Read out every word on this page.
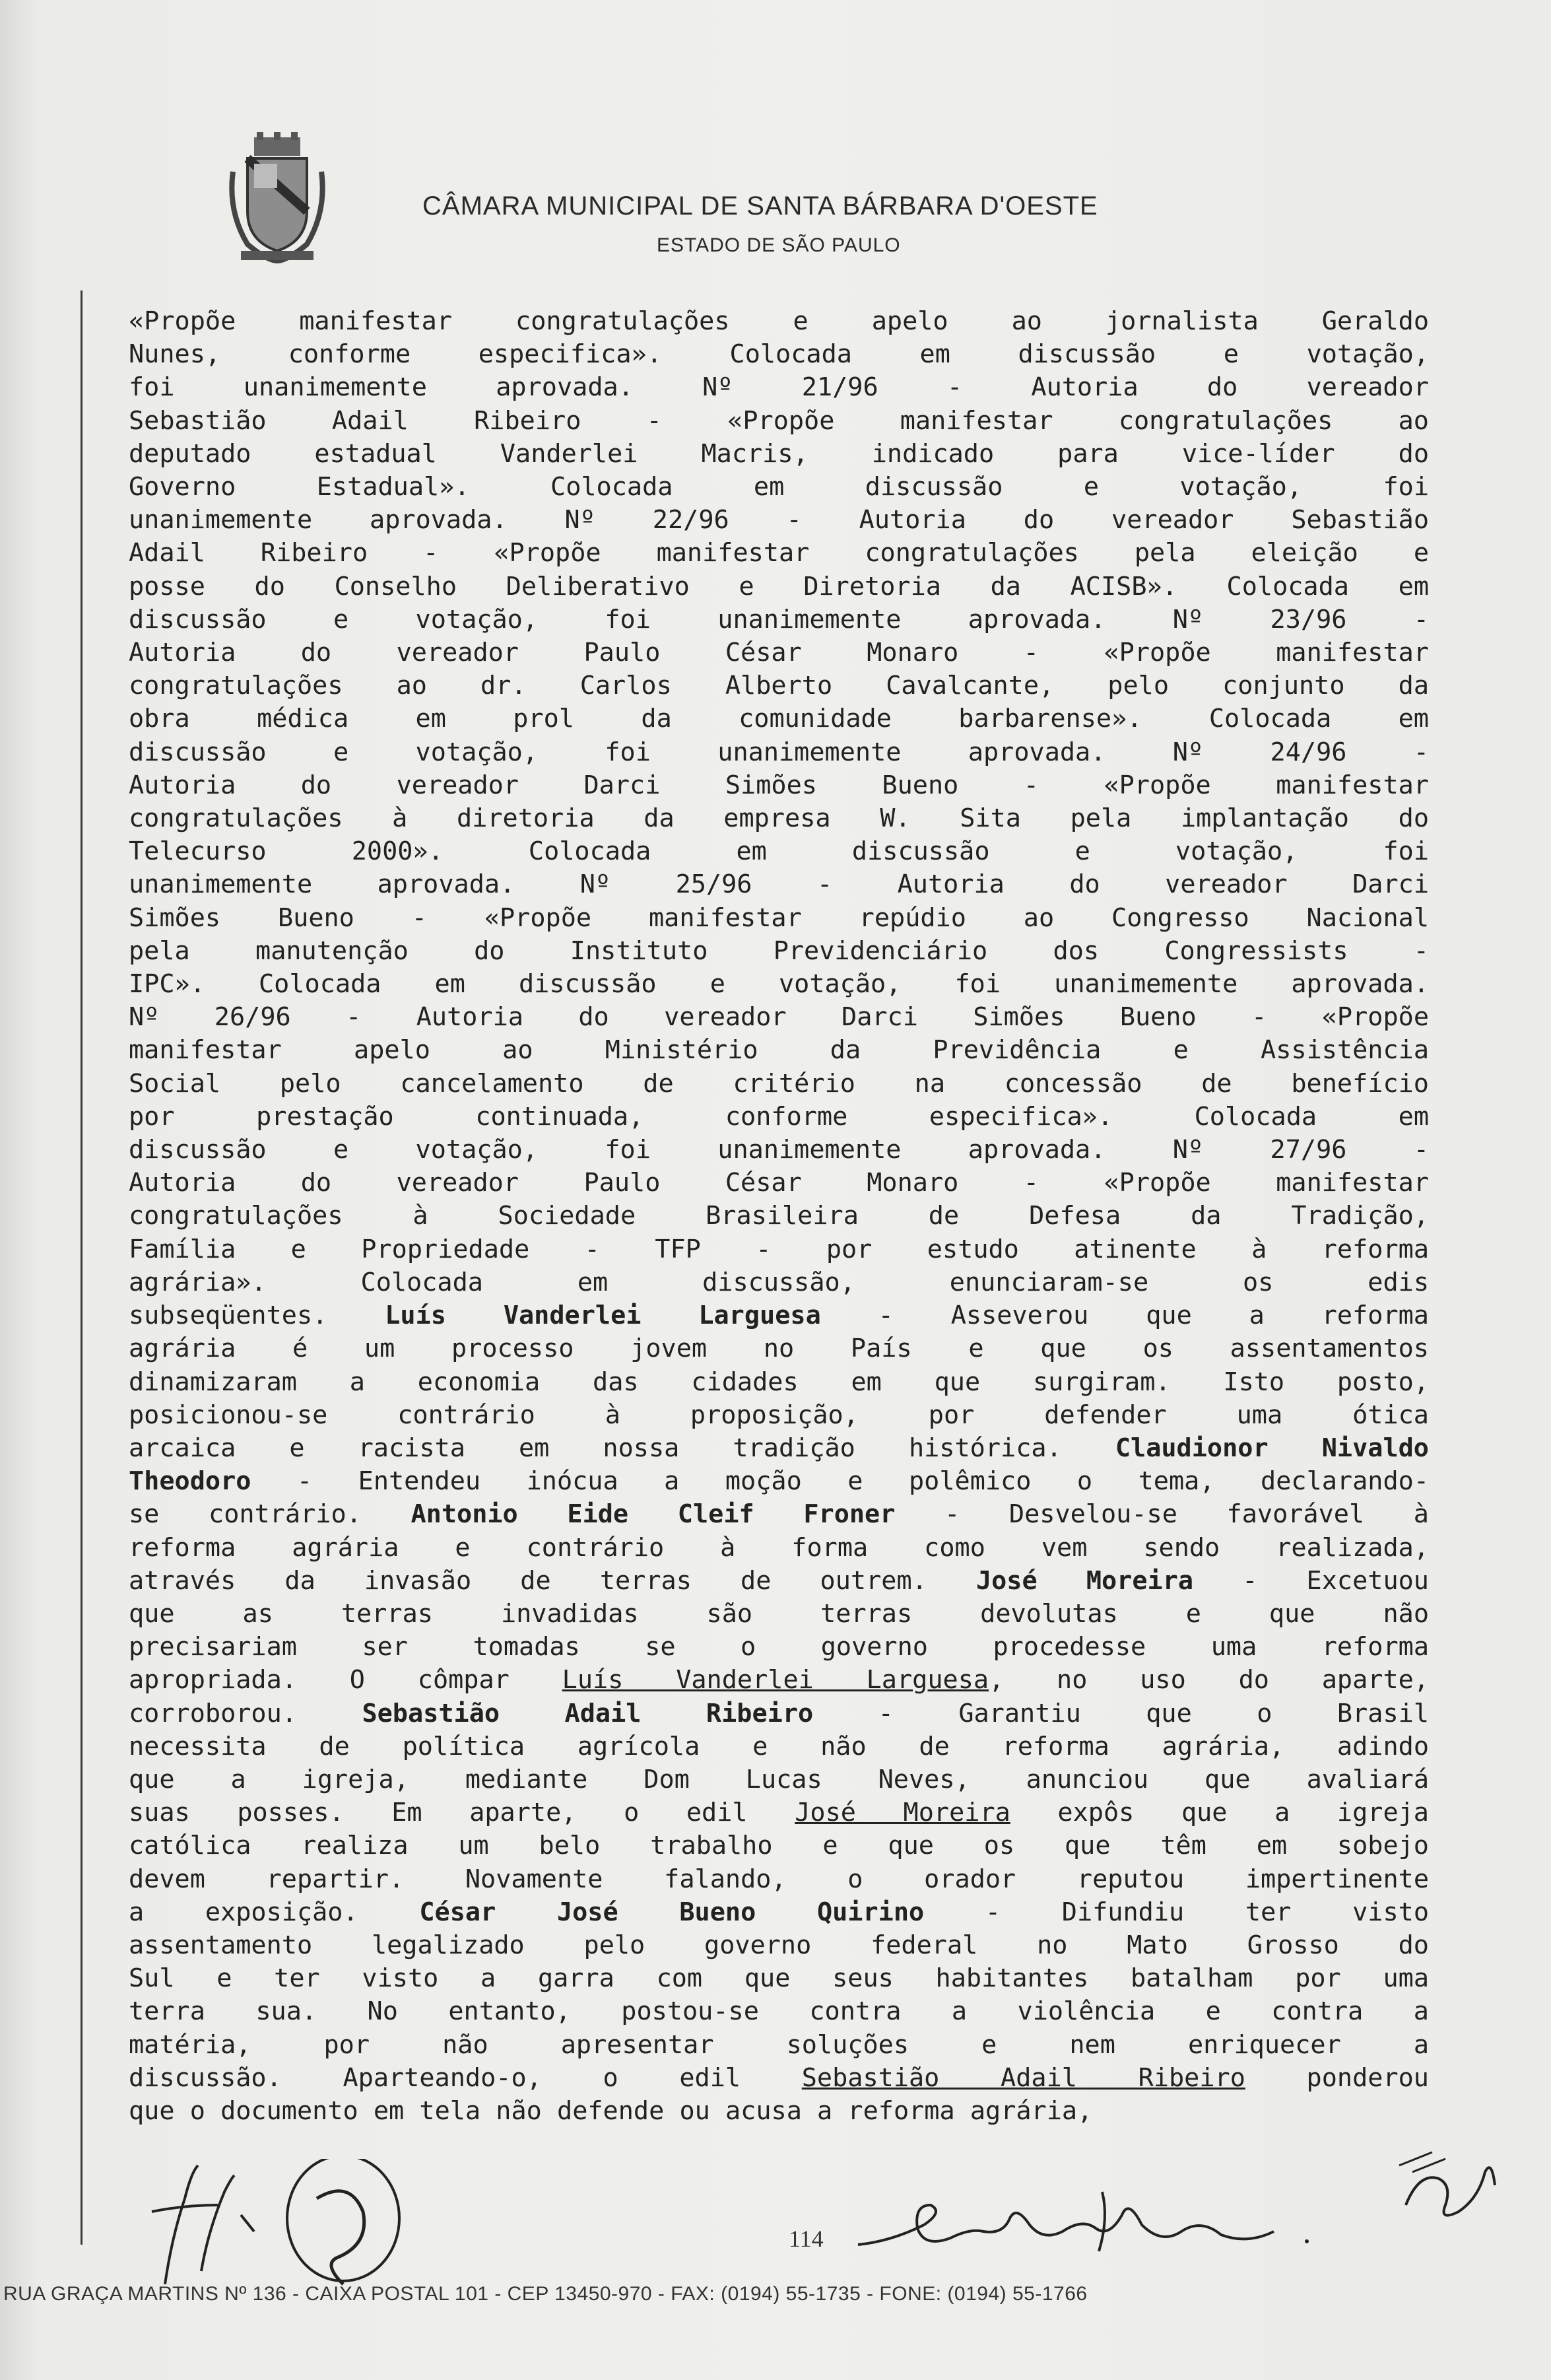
CÂMARA MUNICIPAL DE SANTA BÁRBARA D'OESTE
ESTADO DE SÃO PAULO
«Propõe manifestar congratulações e apelo ao jornalista Geraldo
Nunes, conforme especifica». Colocada em discussão e votação,
foi unanimemente aprovada. Nº 21/96 - Autoria do vereador
Sebastião Adail Ribeiro - «Propõe manifestar congratulações ao
deputado estadual Vanderlei Macris, indicado para vice-líder do
Governo Estadual». Colocada em discussão e votação, foi
unanimemente aprovada. Nº 22/96 - Autoria do vereador Sebastião
Adail Ribeiro - «Propõe manifestar congratulações pela eleição e
posse do Conselho Deliberativo e Diretoria da ACISB». Colocada em
discussão e votação, foi unanimemente aprovada. Nº 23/96 -
Autoria do vereador Paulo César Monaro - «Propõe manifestar
congratulações ao dr. Carlos Alberto Cavalcante, pelo conjunto da
obra médica em prol da comunidade barbarense». Colocada em
discussão e votação, foi unanimemente aprovada. Nº 24/96 -
Autoria do vereador Darci Simões Bueno - «Propõe manifestar
congratulações à diretoria da empresa W. Sita pela implantação do
Telecurso 2000». Colocada em discussão e votação, foi
unanimemente aprovada. Nº 25/96 - Autoria do vereador Darci
Simões Bueno - «Propõe manifestar repúdio ao Congresso Nacional
pela manutenção do Instituto Previdenciário dos Congressists -
IPC». Colocada em discussão e votação, foi unanimemente aprovada.
Nº 26/96 - Autoria do vereador Darci Simões Bueno - «Propõe
manifestar apelo ao Ministério da Previdência e Assistência
Social pelo cancelamento de critério na concessão de benefício
por prestação continuada, conforme especifica». Colocada em
discussão e votação, foi unanimemente aprovada. Nº 27/96 -
Autoria do vereador Paulo César Monaro - «Propõe manifestar
congratulações à Sociedade Brasileira de Defesa da Tradição,
Família e Propriedade - TFP - por estudo atinente à reforma
agrária». Colocada em discussão, enunciaram-se os edis
subseqüentes. Luís Vanderlei Larguesa - Asseverou que a reforma
agrária é um processo jovem no País e que os assentamentos
dinamizaram a economia das cidades em que surgiram. Isto posto,
posicionou-se contrário à proposição, por defender uma ótica
arcaica e racista em nossa tradição histórica. Claudionor Nivaldo
Theodoro - Entendeu inócua a moção e polêmico o tema, declarando-
se contrário. Antonio Eide Cleif Froner - Desvelou-se favorável à
reforma agrária e contrário à forma como vem sendo realizada,
através da invasão de terras de outrem. José Moreira - Excetuou
que as terras invadidas são terras devolutas e que não
precisariam ser tomadas se o governo procedesse uma reforma
apropriada. O cômpar Luís Vanderlei Larguesa, no uso do aparte,
corroborou. Sebastião Adail Ribeiro - Garantiu que o Brasil
necessita de política agrícola e não de reforma agrária, adindo
que a igreja, mediante Dom Lucas Neves, anunciou que avaliará
suas posses. Em aparte, o edil José Moreira expôs que a igreja
católica realiza um belo trabalho e que os que têm em sobejo
devem repartir. Novamente falando, o orador reputou impertinente
a exposição. César José Bueno Quirino - Difundiu ter visto
assentamento legalizado pelo governo federal no Mato Grosso do
Sul e ter visto a garra com que seus habitantes batalham por uma
terra sua. No entanto, postou-se contra a violência e contra a
matéria, por não apresentar soluções e nem enriquecer a
discussão. Aparteando-o, o edil Sebastião Adail Ribeiro ponderou
que o documento em tela não defende ou acusa a reforma agrária,
114
RUA GRAÇA MARTINS Nº 136 - CAIXA POSTAL 101 - CEP 13450-970 - FAX: (0194) 55-1735 - FONE: (0194) 55-1766
